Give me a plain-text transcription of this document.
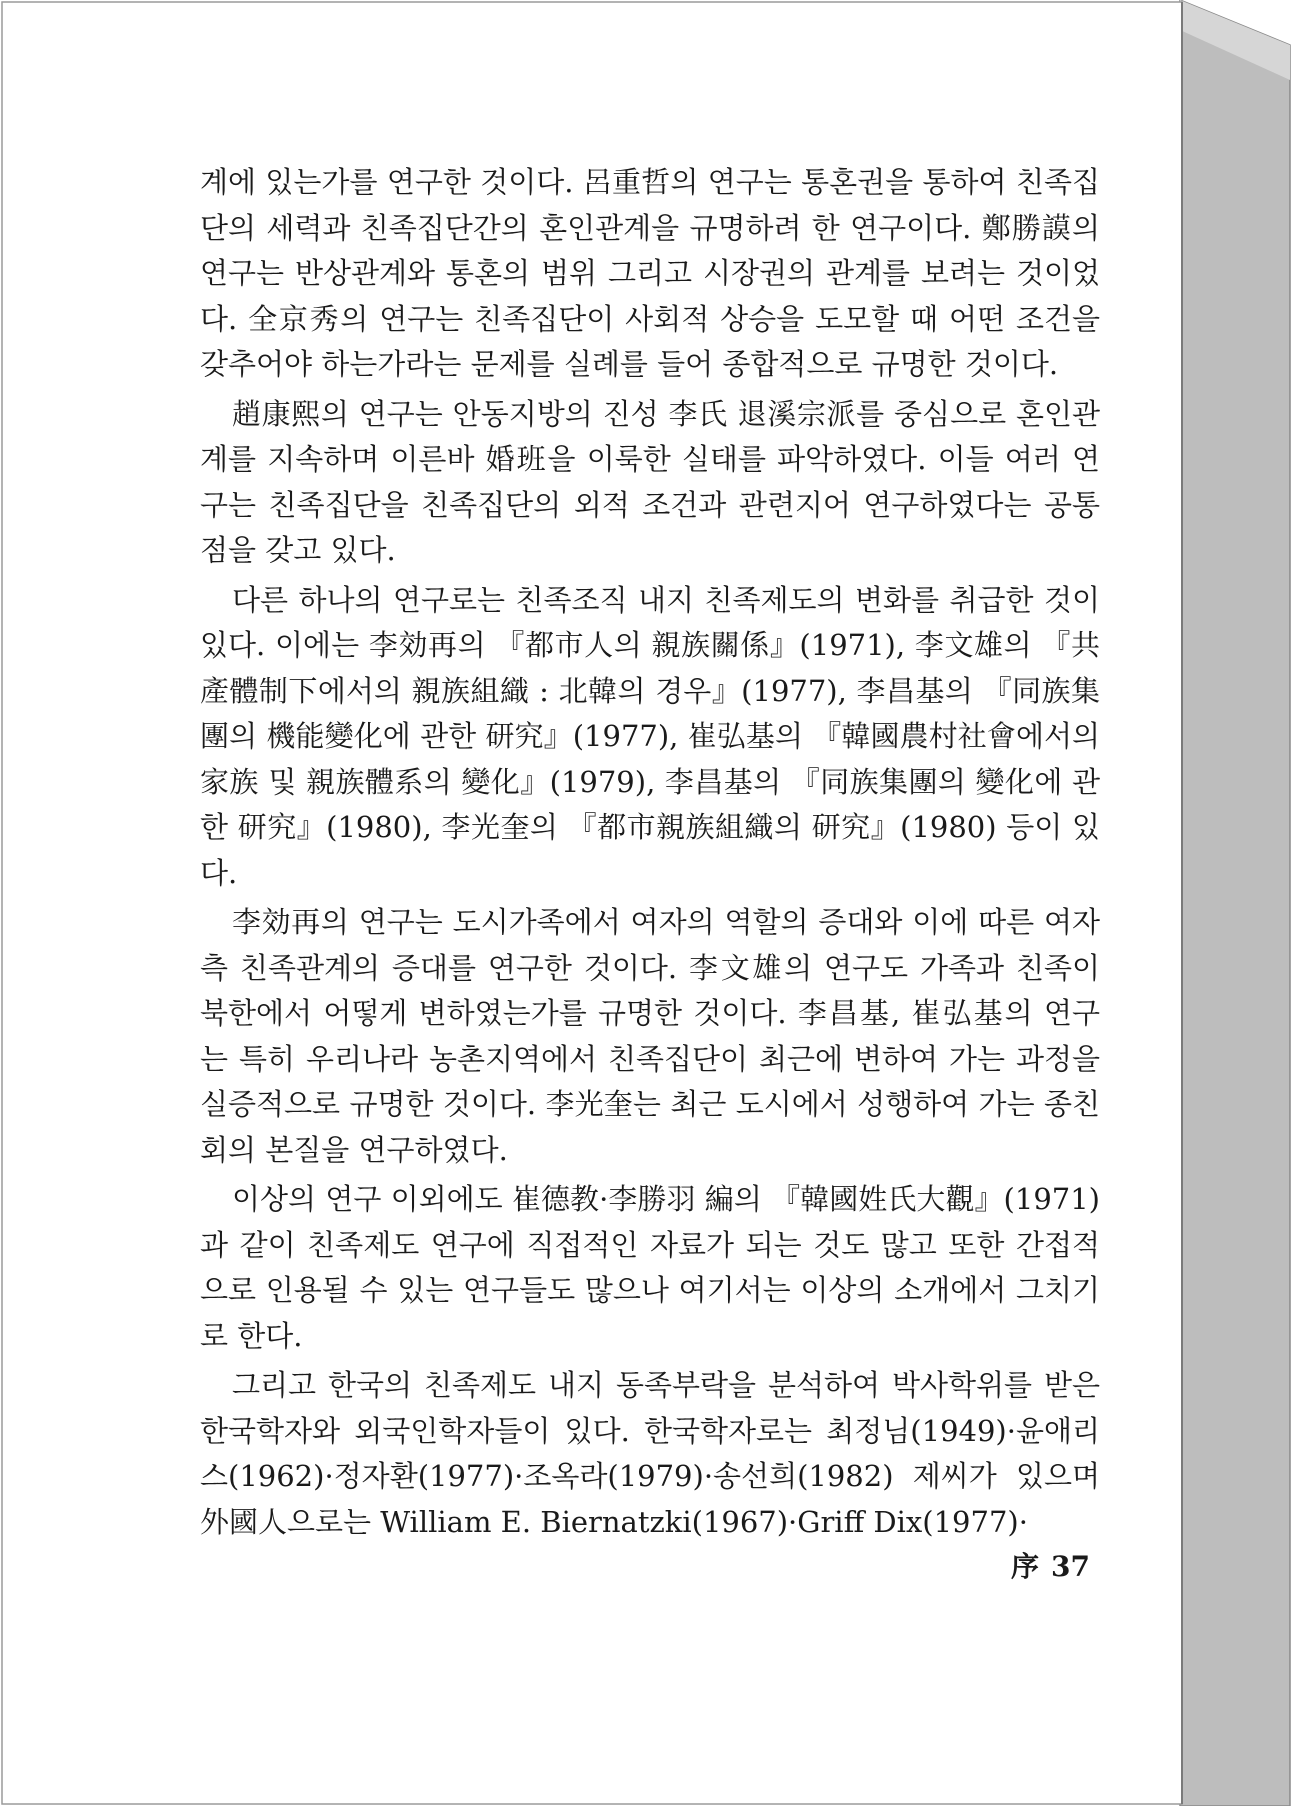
계에 있는가를 연구한 것이다. 呂重哲의 연구는 통혼권을 통하여 친족집단의 세력과 친족집단간의 혼인관계을 규명하려 한 연구이다. 鄭勝謨의 연구는 반상관계와 통혼의 범위 그리고 시장권의 관계를 보려는 것이었다. 全京秀의 연구는 친족집단이 사회적 상승을 도모할 때 어떤 조건을 갖추어야 하는가라는 문제를 실례를 들어 종합적으로 규명한 것이다.

趙康熙의 연구는 안동지방의 진성 李氏 退溪宗派를 중심으로 혼인관계를 지속하며 이른바 婚班을 이룩한 실태를 파악하였다. 이들 여러 연구는 친족집단을 친족집단의 외적 조건과 관련지어 연구하였다는 공통점을 갖고 있다.

다른 하나의 연구로는 친족조직 내지 친족제도의 변화를 취급한 것이있다. 이에는 李効再의 『都市人의 親族關係』(1971), 李文雄의 『共產體制下에서의 親族組織 : 北韓의 경우』(1977), 李昌基의 『同族集團의 機能變化에 관한 研究』(1977), 崔弘基의 『韓國農村社會에서의 家族 및 親族體系의 變化』(1979), 李昌基의 『同族集團의 變化에 관한 研究』(1980), 李光奎의 『都市親族組織의 研究』(1980) 등이 있다.

李効再의 연구는 도시가족에서 여자의 역할의 증대와 이에 따른 여자측 친족관계의 증대를 연구한 것이다. 李文雄의 연구도 가족과 친족이 북한에서 어떻게 변하였는가를 규명한 것이다. 李昌基, 崔弘基의 연구는 특히 우리나라 농촌지역에서 친족집단이 최근에 변하여 가는 과정을 실증적으로 규명한 것이다. 李光奎는 최근 도시에서 성행하여 가는 종친회의 본질을 연구하였다.

이상의 연구 이외에도 崔德教·李勝羽 編의 『韓國姓氏大觀』(1971)과 같이 친족제도 연구에 직접적인 자료가 되는 것도 많고 또한 간접적으로 인용될 수 있는 연구들도 많으나 여기서는 이상의 소개에서 그치기로 한다.

그리고 한국의 친족제도 내지 동족부락을 분석하여 박사학위를 받은 한국학자와 외국인학자들이 있다. 한국학자로는 최정님(1949)·윤애리스(1962)·정자환(1977)·조옥라(1979)·송선희(1982) 제씨가 있으며 外國人으로는 William E. Biernatzki(1967)·Griff Dix(1977)·

序 37
